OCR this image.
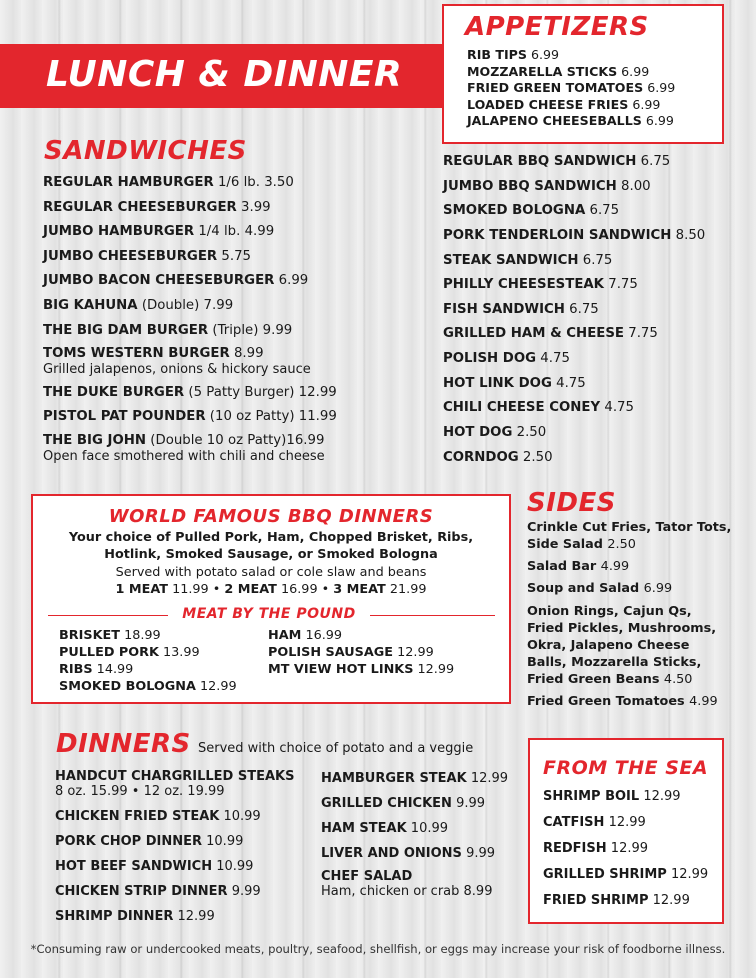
LUNCH & DINNER
APPETIZERS
RIB TIPS 6.99
MOZZARELLA STICKS 6.99
FRIED GREEN TOMATOES 6.99
LOADED CHEESE FRIES 6.99
JALAPENO CHEESEBALLS 6.99
SANDWICHES
REGULAR HAMBURGER 1/6 lb. 3.50
REGULAR CHEESEBURGER 3.99
JUMBO HAMBURGER 1/4 lb. 4.99
JUMBO CHEESEBURGER 5.75
JUMBO BACON CHEESEBURGER 6.99
BIG KAHUNA (Double) 7.99
THE BIG DAM BURGER (Triple) 9.99
TOMS WESTERN BURGER 8.99
Grilled jalapenos, onions & hickory sauce
THE DUKE BURGER (5 Patty Burger) 12.99
PISTOL PAT POUNDER (10 oz Patty) 11.99
THE BIG JOHN (Double 10 oz Patty)16.99
Open face smothered with chili and cheese
REGULAR BBQ SANDWICH 6.75
JUMBO BBQ SANDWICH 8.00
SMOKED BOLOGNA 6.75
PORK TENDERLOIN SANDWICH 8.50
STEAK SANDWICH 6.75
PHILLY CHEESESTEAK 7.75
FISH SANDWICH 6.75
GRILLED HAM & CHEESE 7.75
POLISH DOG 4.75
HOT LINK DOG 4.75
CHILI CHEESE CONEY 4.75
HOT DOG 2.50
CORNDOG 2.50
WORLD FAMOUS BBQ DINNERS
Your choice of Pulled Pork, Ham, Chopped Brisket, Ribs,
Hotlink, Smoked Sausage, or Smoked Bologna
Served with potato salad or cole slaw and beans
1 MEAT 11.99 • 2 MEAT 16.99 • 3 MEAT 21.99
MEAT BY THE POUND
BRISKET 18.99
PULLED PORK 13.99
RIBS 14.99
SMOKED BOLOGNA 12.99
HAM 16.99
POLISH SAUSAGE 12.99
MT VIEW HOT LINKS 12.99
SIDES
Crinkle Cut Fries, Tator Tots,
Side Salad 2.50
Salad Bar 4.99
Soup and Salad 6.99
Onion Rings, Cajun Qs,
Fried Pickles, Mushrooms,
Okra, Jalapeno Cheese
Balls, Mozzarella Sticks,
Fried Green Beans 4.50
Fried Green Tomatoes 4.99
DINNERS Served with choice of potato and a veggie
HANDCUT CHARGRILLED STEAKS
8 oz. 15.99 • 12 oz. 19.99
CHICKEN FRIED STEAK 10.99
PORK CHOP DINNER 10.99
HOT BEEF SANDWICH 10.99
CHICKEN STRIP DINNER 9.99
SHRIMP DINNER 12.99
HAMBURGER STEAK 12.99
GRILLED CHICKEN 9.99
HAM STEAK 10.99
LIVER AND ONIONS 9.99
CHEF SALAD
Ham, chicken or crab 8.99
FROM THE SEA
SHRIMP BOIL 12.99
CATFISH 12.99
REDFISH 12.99
GRILLED SHRIMP 12.99
FRIED SHRIMP 12.99
*Consuming raw or undercooked meats, poultry, seafood, shellfish, or eggs may increase your risk of foodborne illness.
